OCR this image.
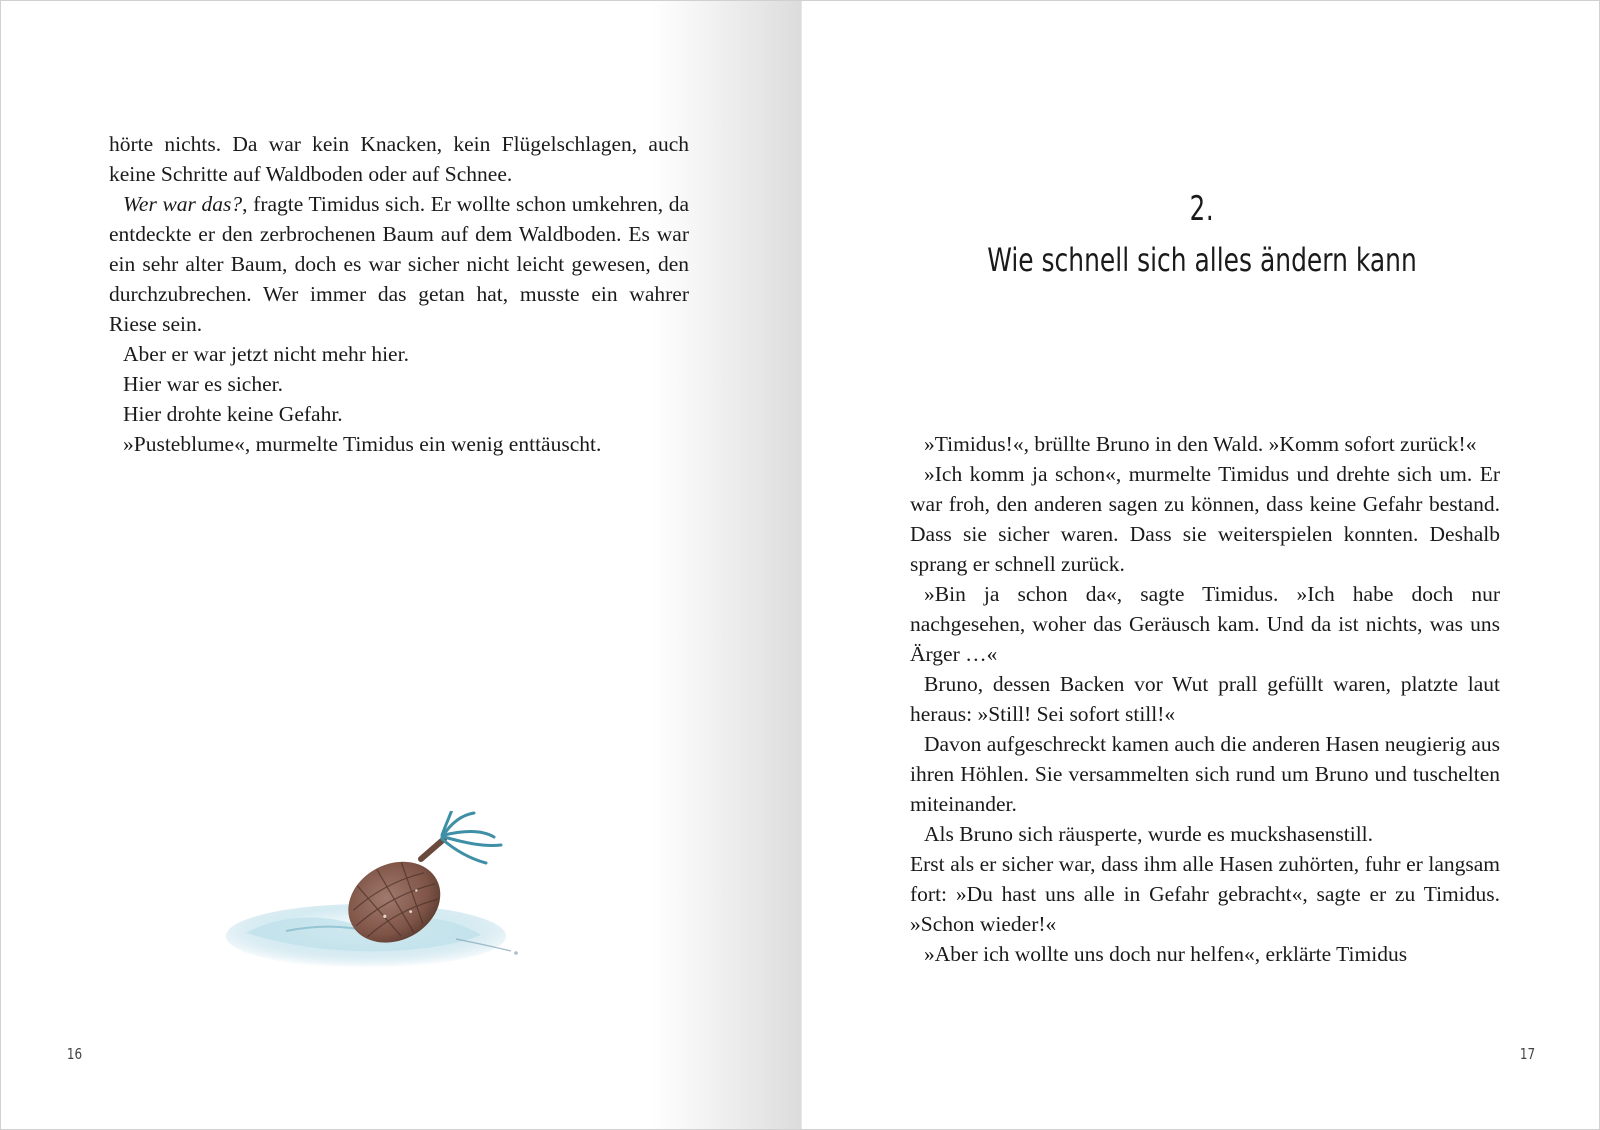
hörte nichts. Da war kein Knacken, kein Flügelschlagen, auch keine Schritte auf Waldboden oder auf Schnee.

Wer war das?, fragte Timidus sich. Er wollte schon umkehren, da entdeckte er den zerbrochenen Baum auf dem Waldboden. Es war ein sehr alter Baum, doch es war sicher nicht leicht gewesen, den durchzubrechen. Wer immer das getan hat, musste ein wahrer Riese sein.

Aber er war jetzt nicht mehr hier.

Hier war es sicher.

Hier drohte keine Gefahr.

»Pusteblume«, murmelte Timidus ein wenig enttäuscht.

16
2.
Wie schnell sich alles ändern kann

»Timidus!«, brüllte Bruno in den Wald. »Komm sofort zurück!«

»Ich komm ja schon«, murmelte Timidus und drehte sich um. Er war froh, den anderen sagen zu können, dass keine Gefahr bestand. Dass sie sicher waren. Dass sie weiterspielen konnten. Deshalb sprang er schnell zurück.

»Bin ja schon da«, sagte Timidus. »Ich habe doch nur nachgesehen, woher das Geräusch kam. Und da ist nichts, was uns Ärger …«

Bruno, dessen Backen vor Wut prall gefüllt waren, platzte laut heraus: »Still! Sei sofort still!«

Davon aufgeschreckt kamen auch die anderen Hasen neugierig aus ihren Höhlen. Sie versammelten sich rund um Bruno und tuschelten miteinander.

Als Bruno sich räusperte, wurde es muckshasenstill.

Erst als er sicher war, dass ihm alle Hasen zuhörten, fuhr er langsam fort: »Du hast uns alle in Gefahr gebracht«, sagte er zu Timidus. »Schon wieder!«

»Aber ich wollte uns doch nur helfen«, erklärte Timidus

17
